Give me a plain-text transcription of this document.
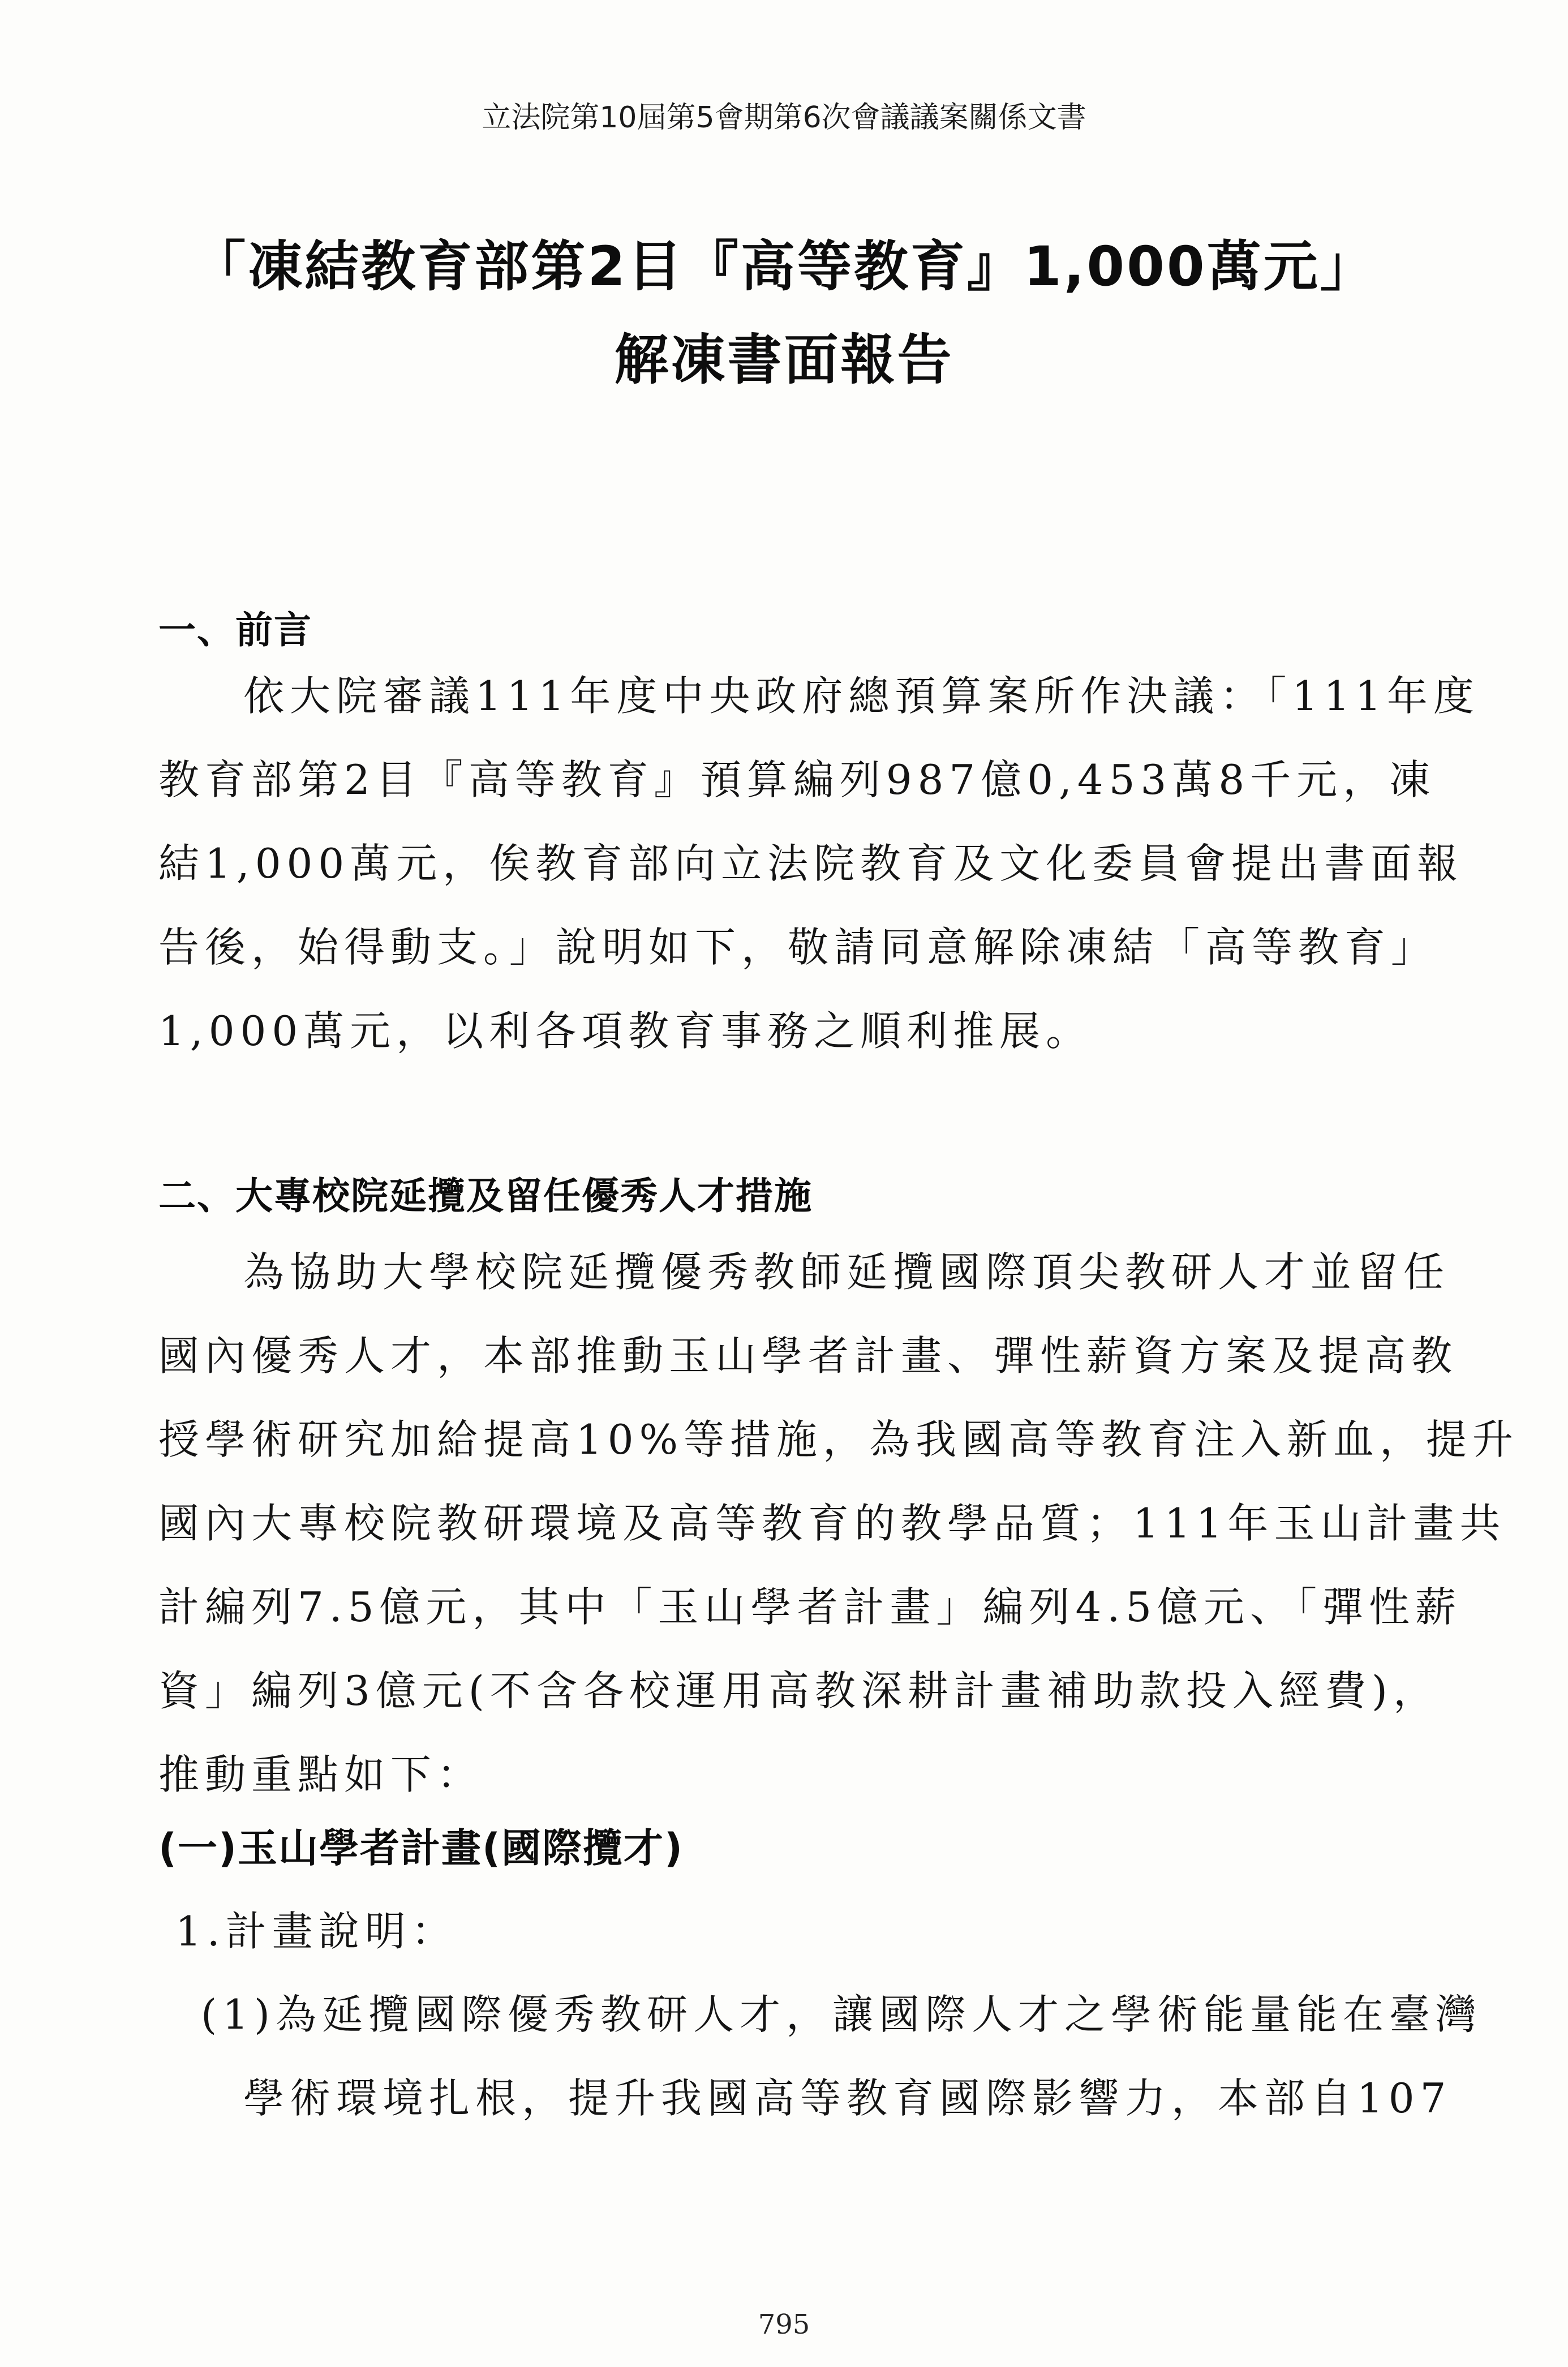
立法院第10屆第5會期第6次會議議案關係文書
「凍結教育部第2目『高等教育』1,000萬元」
解凍書面報告
一、前言
依大院審議111年度中央政府總預算案所作決議：「111年度
教育部第2目『高等教育』預算編列987億0,453萬8千元，凍
結1,000萬元，俟教育部向立法院教育及文化委員會提出書面報
告後，始得動支。」說明如下，敬請同意解除凍結「高等教育」
1,000萬元，以利各項教育事務之順利推展。
二、大專校院延攬及留任優秀人才措施
為協助大學校院延攬優秀教師延攬國際頂尖教研人才並留任
國內優秀人才，本部推動玉山學者計畫、彈性薪資方案及提高教
授學術研究加給提高10%等措施，為我國高等教育注入新血，提升
國內大專校院教研環境及高等教育的教學品質；111年玉山計畫共
計編列7.5億元，其中「玉山學者計畫」編列4.5億元、「彈性薪
資」編列3億元(不含各校運用高教深耕計畫補助款投入經費)，
推動重點如下：
(一)玉山學者計畫(國際攬才)
1.計畫說明：
(1)為延攬國際優秀教研人才，讓國際人才之學術能量能在臺灣
學術環境扎根，提升我國高等教育國際影響力，本部自107
795
